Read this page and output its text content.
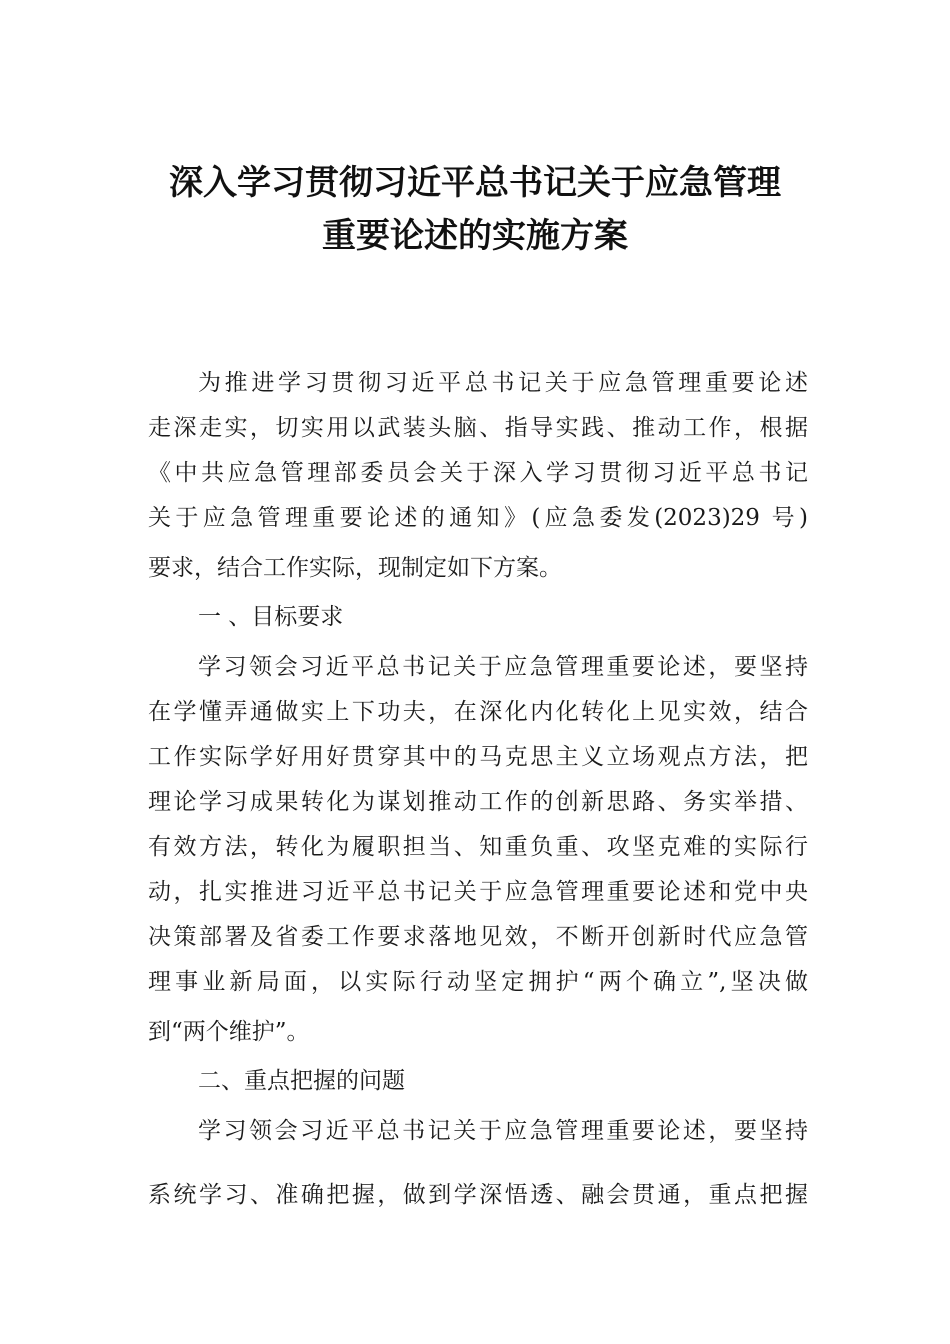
深入学习贯彻习近平总书记关于应急管理
重要论述的实施方案
为推进学习贯彻习近平总书记关于应急管理重要论述
走深走实，切实用以武装头脑、指导实践、推动工作，根据
《中共应急管理部委员会关于深入学习贯彻习近平总书记
关于应急管理重要论述的通知》(应急委发(2023)29 号)
要求，结合工作实际，现制定如下方案。
一 、目标要求
学习领会习近平总书记关于应急管理重要论述，要坚持
在学懂弄通做实上下功夫，在深化内化转化上见实效，结合
工作实际学好用好贯穿其中的马克思主义立场观点方法，把
理论学习成果转化为谋划推动工作的创新思路、务实举措、
有效方法，转化为履职担当、知重负重、攻坚克难的实际行
动，扎实推进习近平总书记关于应急管理重要论述和党中央
决策部署及省委工作要求落地见效，不断开创新时代应急管
理事业新局面，以实际行动坚定拥护“两个确立”,坚决做
到“两个维护”。
二、重点把握的问题
学习领会习近平总书记关于应急管理重要论述，要坚持
系统学习、准确把握，做到学深悟透、融会贯通，重点把握
